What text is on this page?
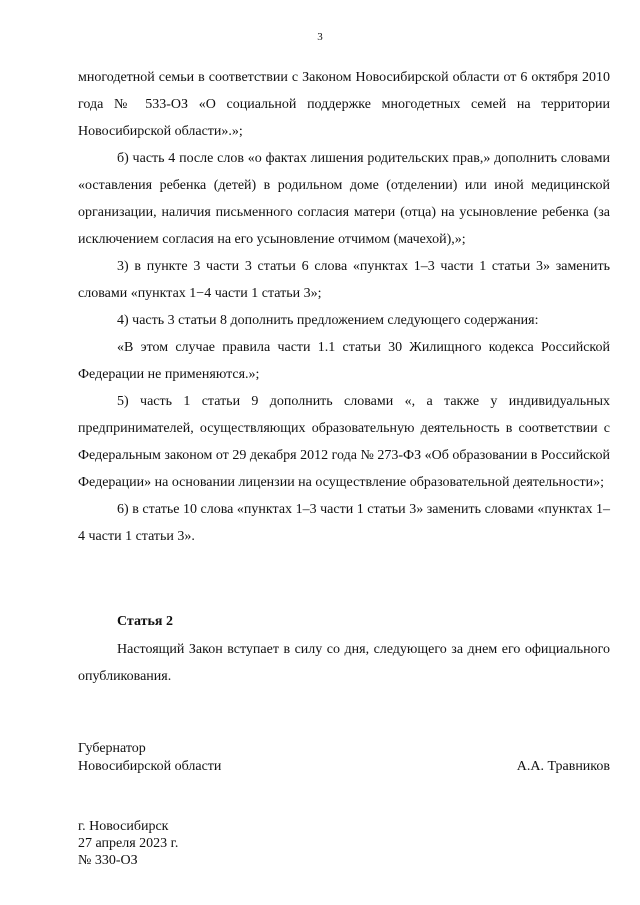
3

многодетной семьи в соответствии с Законом Новосибирской области от 6 октября 2010 года № 533-ОЗ «О социальной поддержке многодетных семей на территории Новосибирской области».»;

б) часть 4 после слов «о фактах лишения родительских прав,» дополнить словами «оставления ребенка (детей) в родильном доме (отделении) или иной медицинской организации, наличия письменного согласия матери (отца) на усыновление ребенка (за исключением согласия на его усыновление отчимом (мачехой),»;

3) в пункте 3 части 3 статьи 6 слова «пунктах 1–3 части 1 статьи 3» заменить словами «пунктах 1−4 части 1 статьи 3»;

4) часть 3 статьи 8 дополнить предложением следующего содержания:

«В этом случае правила части 1.1 статьи 30 Жилищного кодекса Российской Федерации не применяются.»;

5) часть 1 статьи 9 дополнить словами «, а также у индивидуальных предпринимателей, осуществляющих образовательную деятельность в соответствии с Федеральным законом от 29 декабря 2012 года № 273-ФЗ «Об образовании в Российской Федерации» на основании лицензии на осуществление образовательной деятельности»;

6) в статье 10 слова «пунктах 1–3 части 1 статьи 3» заменить словами «пунктах 1–4 части 1 статьи 3».

Статья 2

Настоящий Закон вступает в силу со дня, следующего за днем его официального опубликования.

Губернатор
Новосибирской области	А.А. Травников
г. Новосибирск
27 апреля 2023 г.
№ 330-ОЗ
